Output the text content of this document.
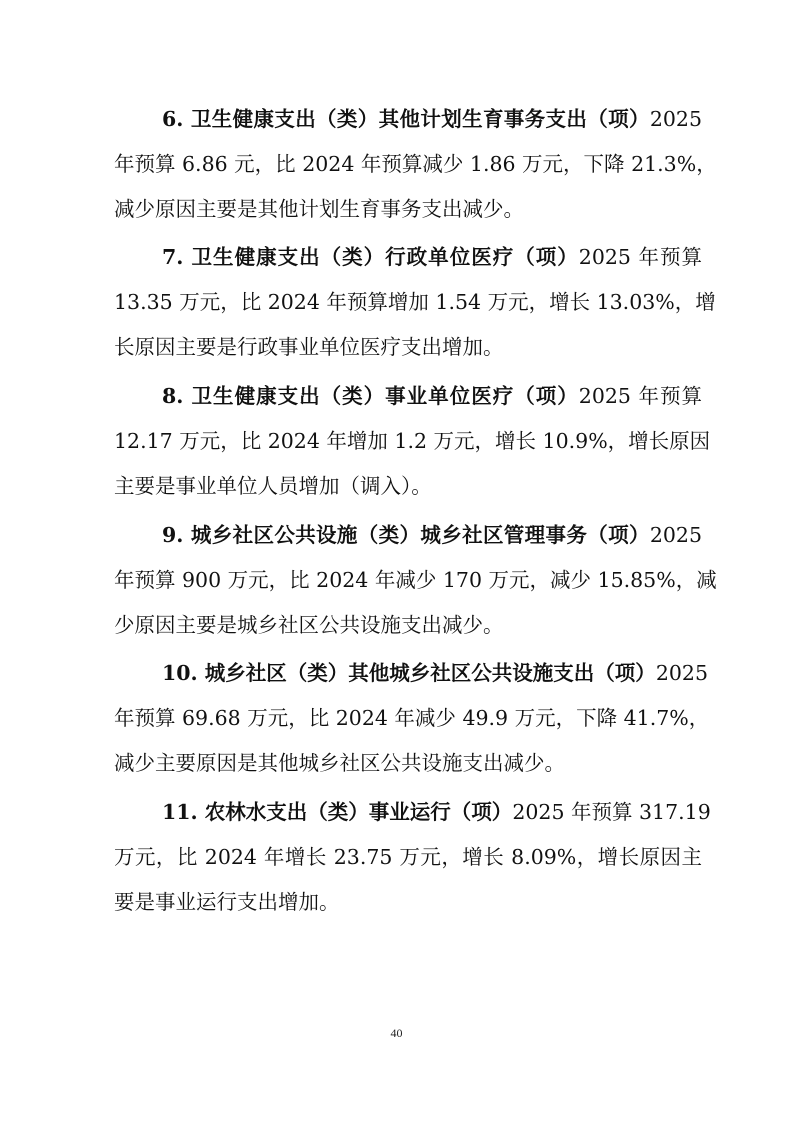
6. 卫生健康支出（类）其他计划生育事务支出（项）2025
年预算 6.86 元，比 2024 年预算减少 1.86 万元，下降 21.3%，
减少原因主要是其他计划生育事务支出减少。
7. 卫生健康支出（类）行政单位医疗（项）2025 年预算
13.35 万元，比 2024 年预算增加 1.54 万元，增长 13.03%，增
长原因主要是行政事业单位医疗支出增加。
8. 卫生健康支出（类）事业单位医疗（项）2025 年预算
12.17 万元，比 2024 年增加 1.2 万元，增长 10.9%，增长原因
主要是事业单位人员增加（调入）。
9. 城乡社区公共设施（类）城乡社区管理事务（项）2025
年预算 900 万元，比 2024 年减少 170 万元，减少 15.85%，减
少原因主要是城乡社区公共设施支出减少。
10. 城乡社区（类）其他城乡社区公共设施支出（项）2025
年预算 69.68 万元，比 2024 年减少 49.9 万元，下降 41.7%，
减少主要原因是其他城乡社区公共设施支出减少。
11. 农林水支出（类）事业运行（项）2025 年预算 317.19
万元，比 2024 年增长 23.75 万元，增长 8.09%，增长原因主
要是事业运行支出增加。
40
